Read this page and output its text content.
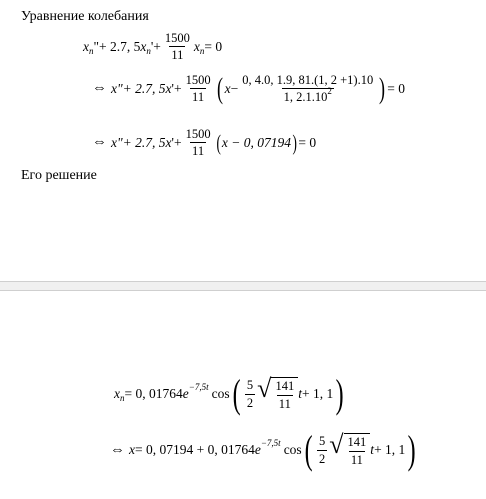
Уравнение колебания
x n "+ 2.7, 5 x n '+ $\frac{1500}{11}$ x n = 0
⇔ x"+ 2.7, 5 x '+ $\frac{1500}{11}$ ( $x - \frac{0, 4.0, 1.9, 81.(1, 2 +1).10}{1, 2.1.10^2}$ ) = 0
⇔ x"+ 2.7, 5 x '+ $\frac{1500}{11}$ ( x − 0, 07194 ) = 0
Его решение
x n = 0, 01764 e −7,5t cos ( $\frac{5}{2}$ √ $\frac{141}{11}$ t + 1, 1 )
⇔ x = 0, 07194 + 0, 01764 e −7,5t cos ( $\frac{5}{2}$ √ $\frac{141}{11}$ t + 1, 1 )
